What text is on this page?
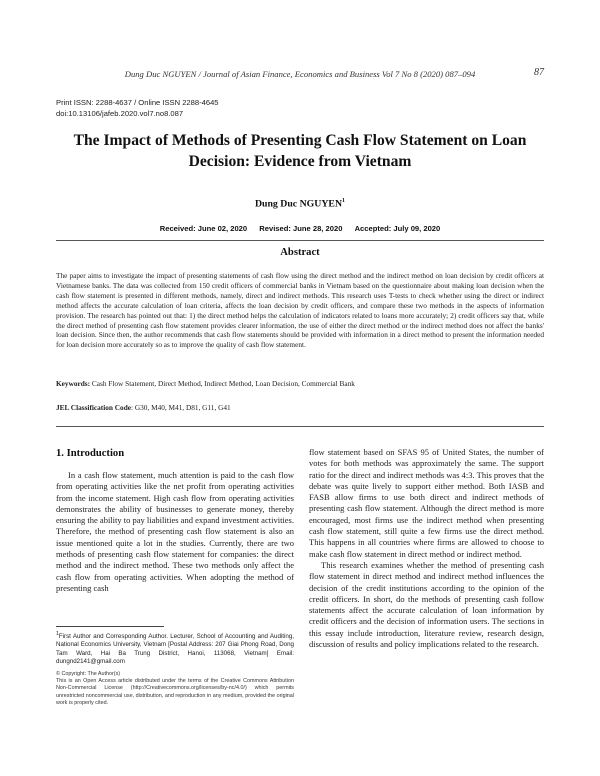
Dung Duc NGUYEN / Journal of Asian Finance, Economics and Business Vol 7 No 8 (2020) 087–094	87
Print ISSN: 2288-4637 / Online ISSN 2288-4645
doi:10.13106/jafeb.2020.vol7.no8.087
The Impact of Methods of Presenting Cash Flow Statement on Loan Decision: Evidence from Vietnam
Dung Duc NGUYEN$^1$
Received: June 02, 2020 Revised: June 28, 2020 Accepted: July 09, 2020
Abstract
The paper aims to investigate the impact of presenting statements of cash flow using the direct method and the indirect method on loan decision by credit officers at Vietnamese banks. The data was collected from 150 credit officers of commercial banks in Vietnam based on the questionnaire about making loan decision when the cash flow statement is presented in different methods, namely, direct and indirect methods. This research uses T-tests to check whether using the direct or indirect method affects the accurate calculation of loan criteria, affects the loan decision by credit officers, and compare these two methods in the aspects of information provision. The research has pointed out that: 1) the direct method helps the calculation of indicators related to loans more accurately; 2) credit officers say that, while the direct method of presenting cash flow statement provides clearer information, the use of either the direct method or the indirect method does not affect the banks' loan decision. Since then, the author recommends that cash flow statements should be provided with information in a direct method to present the information needed for loan decision more accurately so as to improve the quality of cash flow statement.
Keywords: Cash Flow Statement, Direct Method, Indirect Method, Loan Decision, Commercial Bank
JEL Classification Code: G30, M40, M41, D81, G11, G41
1. Introduction

In a cash flow statement, much attention is paid to the cash flow from operating activities like the net profit from operating activities from the income statement. High cash flow from operating activities demonstrates the ability of businesses to generate money, thereby ensuring the ability to pay liabilities and expand investment activities. Therefore, the method of presenting cash flow statement is also an issue mentioned quite a lot in the studies. Currently, there are two methods of presenting cash flow statement for companies: the direct method and the indirect method. These two methods only affect the cash flow from operating activities. When adopting the method of presenting cash

flow statement based on SFAS 95 of United States, the number of votes for both methods was approximately the same. The support ratio for the direct and indirect methods was 4:3. This proves that the debate was quite lively to support either method. Both IASB and FASB allow firms to use both direct and indirect methods of presenting cash flow statement. Although the direct method is more encouraged, most firms use the indirect method when presenting cash flow statement, still quite a few firms use the direct method. This happens in all countries where firms are allowed to choose to make cash flow statement in direct method or indirect method.

This research examines whether the method of presenting cash flow statement in direct method and indirect method influences the decision of the credit institutions according to the opinion of the credit officers. In short, do the methods of presenting cash follow statements affect the accurate calculation of loan information by credit officers and the decision of information users. The sections in this essay include introduction, literature review, research design, discussion of results and policy implications related to the research.

$^1$First Author and Corresponding Author. Lecturer, School of Accounting and Auditing, National Economics University, Vietnam [Postal Address: 207 Giai Phong Road, Dong Tam Ward, Hai Ba Trung District, Hanoi, 113068, Vietnam] Email: dungnd2141@gmail.com
© Copyright: The Author(s)
This is an Open Access article distributed under the terms of the Creative Commons Attribution Non-Commercial License (http://Creativecommons.org/licenses/by-nc/4.0/) which permits unrestricted noncommercial use, distribution, and reproduction in any medium, provided the original work is properly cited.
